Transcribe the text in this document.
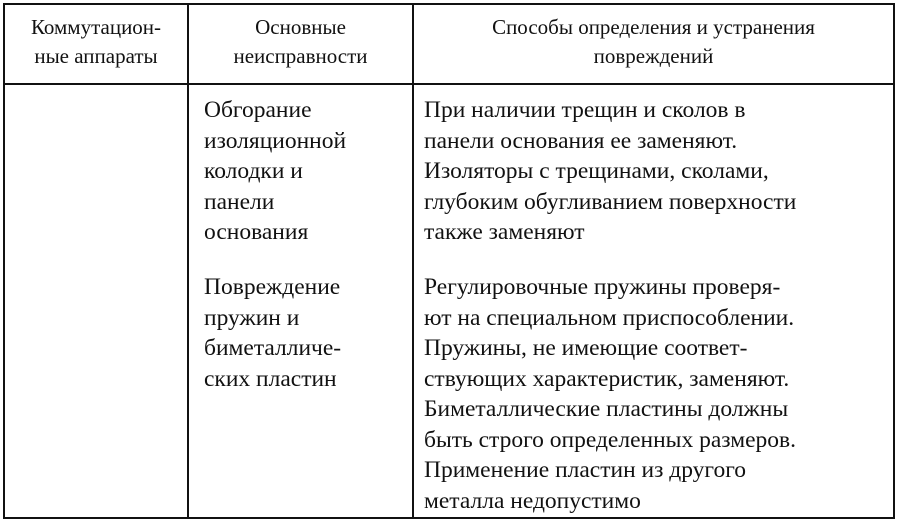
Коммутацион-
ные аппараты
Основные
неисправности
Способы определения и устранения
повреждений
Обгорание
изоляционной
колодки и
панели
основания
При наличии трещин и сколов в
панели основания ее заменяют.
Изоляторы с трещинами, сколами,
глубоким обугливанием поверхности
также заменяют
Повреждение
пружин и
биметалличе-
ских пластин
Регулировочные пружины проверя-
ют на специальном приспособлении.
Пружины, не имеющие соответ-
ствующих характеристик, заменяют.
Биметаллические пластины должны
быть строго определенных размеров.
Применение пластин из другого
металла недопустимо
